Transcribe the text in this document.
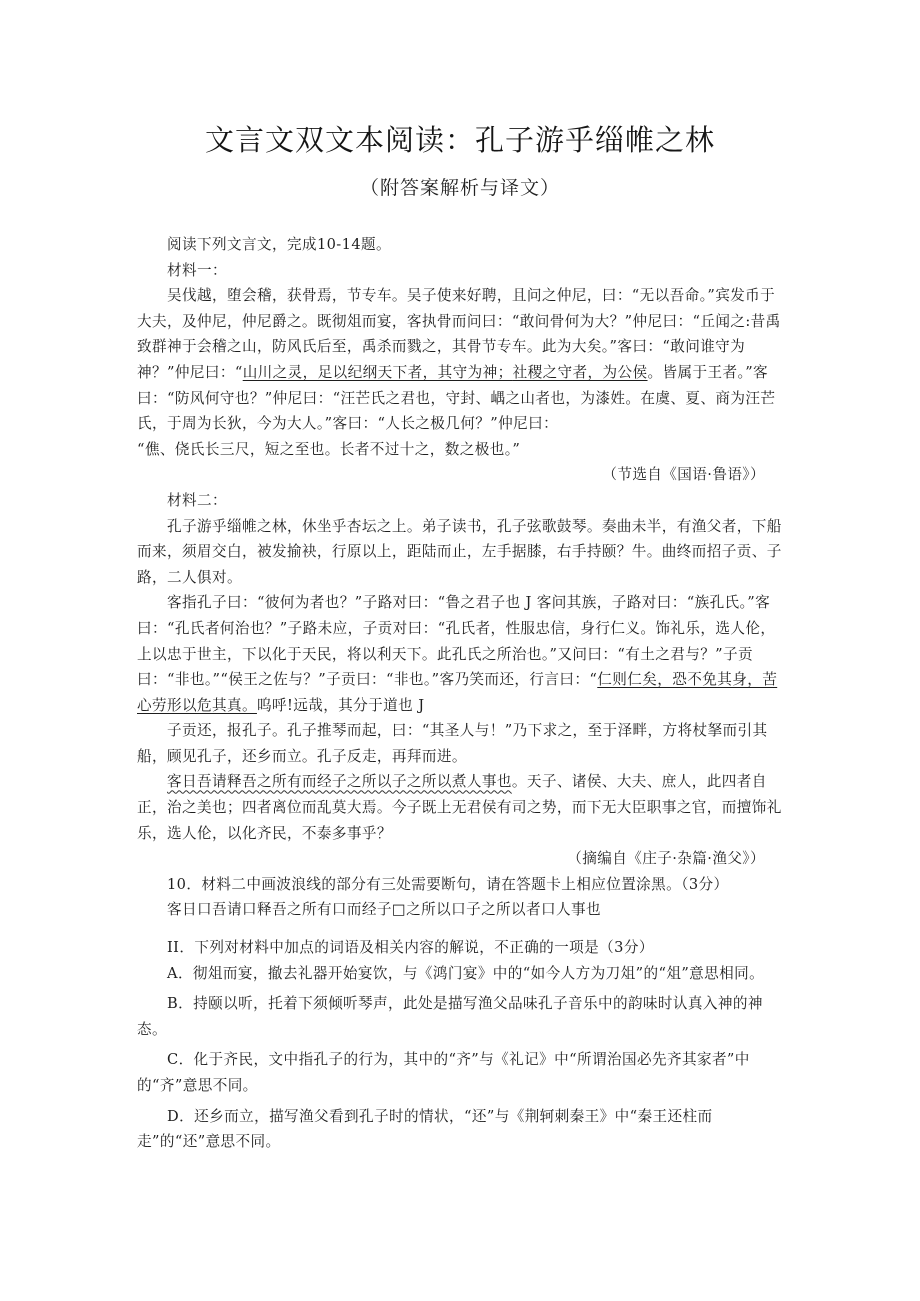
文言文双文本阅读：孔子游乎缁帷之林
（附答案解析与译文）

阅读下列文言文，完成10-14题。

材料一：

吴伐越，堕会稽，获骨焉，节专车。吴子使来好聘，且问之仲尼，曰：“无以吾命。”宾发币于大夫，及仲尼，仲尼爵之。既彻俎而宴，客执骨而问曰：“敢问骨何为大？”仲尼曰：“丘闻之:昔禹致群神于会稽之山，防风氏后至，禹杀而戮之，其骨节专车。此为大矣。”客曰：“敢问谁守为神？”仲尼曰：“山川之灵，足以纪纲天下者，其守为神；社稷之守者，为公侯。皆属于王者。”客曰：“防风何守也？”仲尼曰：“汪芒氏之君也，守封、嵎之山者也，为漆姓。在虞、夏、商为汪芒氏，于周为长狄，今为大人。”客曰：“人长之极几何？”仲尼曰：

“僬、侥氏长三尺，短之至也。长者不过十之，数之极也。”

（节选自《国语·鲁语》）

材料二：

孔子游乎缁帷之林，休坐乎杏坛之上。弟子读书，孔子弦歌鼓琴。奏曲未半，有渔父者，下船而来，须眉交白，被发揄袂，行原以上，距陆而止，左手据膝，右手持颐？牛。曲终而招子贡、子路，二人俱对。

客指孔子曰：“彼何为者也？”子路对曰：“鲁之君子也 J 客问其族，子路对曰：“族孔氏。”客曰：“孔氏者何治也？”子路未应，子贡对曰：“孔氏者，性服忠信，身行仁义。饰礼乐，选人伦，上以忠于世主，下以化于天民，将以利天下。此孔氏之所治也。”又问曰：“有土之君与？”子贡曰：“非也。”“侯王之佐与？”子贡曰：“非也。”客乃笑而还，行言曰：“仁则仁矣，恐不免其身，苦心劳形以危其真。呜呼!远哉，其分于道也 J

子贡还，报孔子。孔子推琴而起，曰：“其圣人与！”乃下求之，至于泽畔，方将杖拏而引其船，顾见孔子，还乡而立。孔子反走，再拜而进。

客日吾请释吾之所有而经子之所以子之所以煮人事也。天子、诸侯、大夫、庶人，此四者自正，治之美也；四者离位而乱莫大焉。今子既上无君侯有司之势，而下无大臣职事之官，而擅饰礼乐，选人伦，以化齐民，不泰多事乎？

（摘编自《庄子·杂篇·渔父》）

10．材料二中画波浪线的部分有三处需要断句，请在答题卡上相应位置涂黑。（3分）

客日口吾请口释吾之所有口而经子□之所以口子之所以者口人事也

II．下列对材料中加点的词语及相关内容的解说，不正确的一项是（3分）

A．彻俎而宴，撤去礼器开始宴饮，与《鸿门宴》中的“如今人方为刀俎”的“俎”意思相同。

B．持颐以听，托着下须倾听琴声，此处是描写渔父品味孔子音乐中的韵味时认真入神的神态。

C．化于齐民，文中指孔子的行为，其中的“齐”与《礼记》中“所谓治国必先齐其家者”中的“齐”意思不同。

D．还乡而立，描写渔父看到孔子时的情状，“还”与《荆轲刺秦王》中“秦王还柱而走”的“还”意思不同。
